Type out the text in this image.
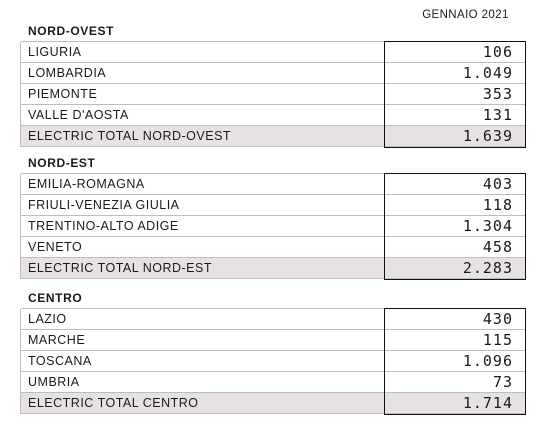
GENNAIO 2021
NORD-OVEST
LIGURIA	106
LOMBARDIA	1.049
PIEMONTE	353
VALLE D'AOSTA	131
ELECTRIC TOTAL NORD-OVEST	1.639
NORD-EST
EMILIA-ROMAGNA	403
FRIULI-VENEZIA GIULIA	118
TRENTINO-ALTO ADIGE	1.304
VENETO	458
ELECTRIC TOTAL NORD-EST	2.283
CENTRO
LAZIO	430
MARCHE	115
TOSCANA	1.096
UMBRIA	73
ELECTRIC TOTAL CENTRO	1.714
